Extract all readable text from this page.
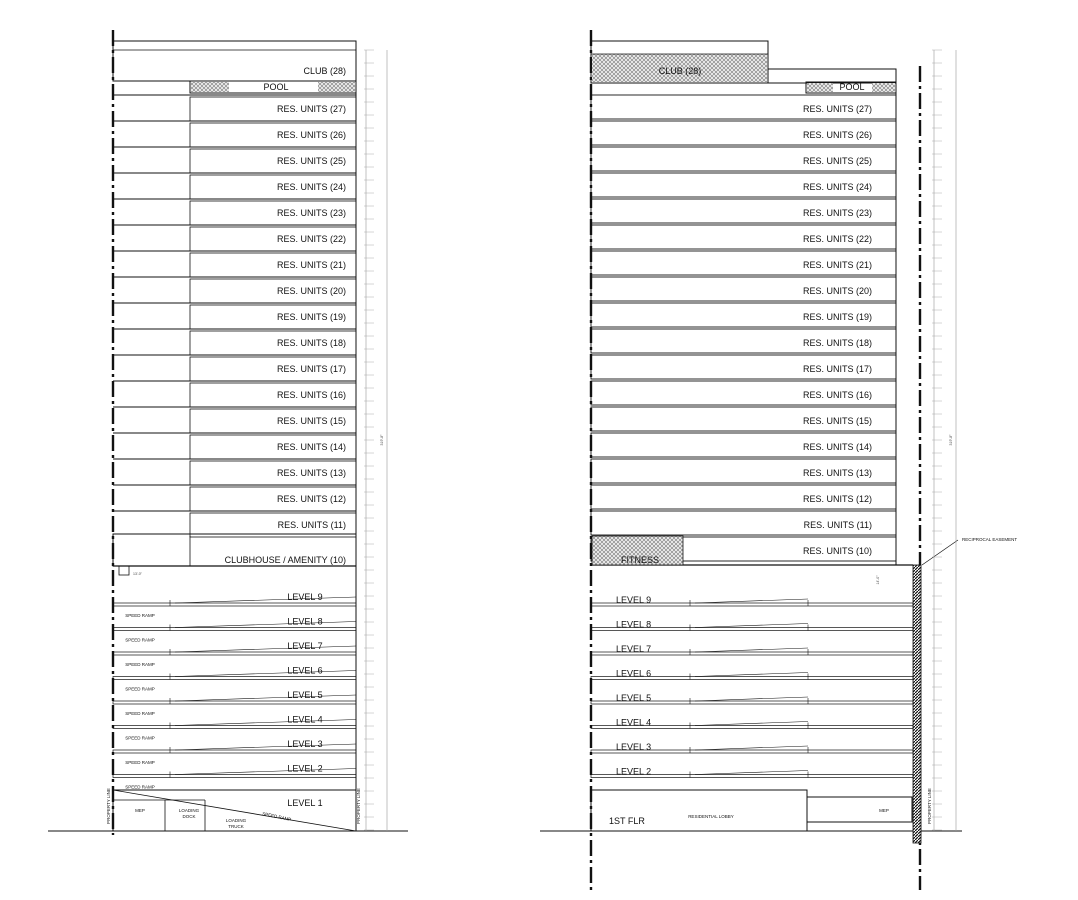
CLUB (28)
POOL
RES. UNITS (27)
RES. UNITS (26)
RES. UNITS (25)
RES. UNITS (24)
RES. UNITS (23)
RES. UNITS (22)
RES. UNITS (21)
RES. UNITS (20)
RES. UNITS (19)
RES. UNITS (18)
RES. UNITS (17)
RES. UNITS (16)
RES. UNITS (15)
RES. UNITS (14)
RES. UNITS (13)
RES. UNITS (12)
RES. UNITS (11)
CLUBHOUSE / AMENITY (10)
13'-0"
LEVEL 9
SPEED RAMP
LEVEL 8
SPEED RAMP
LEVEL 7
SPEED RAMP
LEVEL 6
SPEED RAMP
LEVEL 5
SPEED RAMP
LEVEL 4
SPEED RAMP
LEVEL 3
SPEED RAMP
LEVEL 2
SPEED RAMP
MEP	LOADING
DOCK
LOADING
TRUCK
SPEED RAMP
LEVEL 1
PROPERTY LINE	PROPERTY LINE
319'-8"
CLUB (28)
POOL
RES. UNITS (27)
RES. UNITS (26)
RES. UNITS (25)
RES. UNITS (24)
RES. UNITS (23)
RES. UNITS (22)
RES. UNITS (21)
RES. UNITS (20)
RES. UNITS (19)
RES. UNITS (18)
RES. UNITS (17)
RES. UNITS (16)
RES. UNITS (15)
RES. UNITS (14)
RES. UNITS (13)
RES. UNITS (12)
RES. UNITS (11)
RES. UNITS (10)
FITNESS
RECIPROCAL EASEMENT
14'-0"
LEVEL 9
LEVEL 8
LEVEL 7
LEVEL 6
LEVEL 5
LEVEL 4
LEVEL 3
LEVEL 2
1ST FLR	RESIDENTIAL LOBBY
MEP	PROPERTY LINE
319'-8"
